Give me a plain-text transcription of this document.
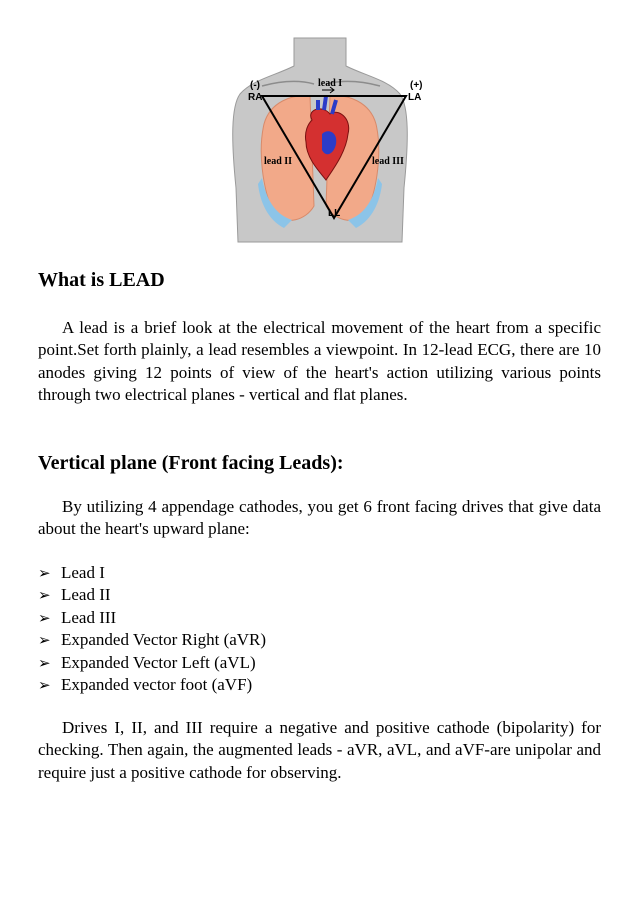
(-)
RA
lead I	(+)
LA
lead II	lead III
LL
What is LEAD

A lead is a brief look at the electrical movement of the heart from a specific point.Set forth plainly, a lead resembles a viewpoint. In 12-lead ECG, there are 10 anodes giving 12 points of view of the heart's action utilizing various points through two electrical planes - vertical and flat planes.

Vertical plane (Front facing Leads):

By utilizing 4 appendage cathodes, you get 6 front facing drives that give data about the heart's upward plane:

➢ Lead I
➢ Lead II
➢ Lead III
➢ Expanded Vector Right (aVR)
➢ Expanded Vector Left (aVL)
➢ Expanded vector foot (aVF)

Drives I, II, and III require a negative and positive cathode (bipolarity) for checking. Then again, the augmented leads - aVR, aVL, and aVF-are unipolar and require just a positive cathode for observing.
